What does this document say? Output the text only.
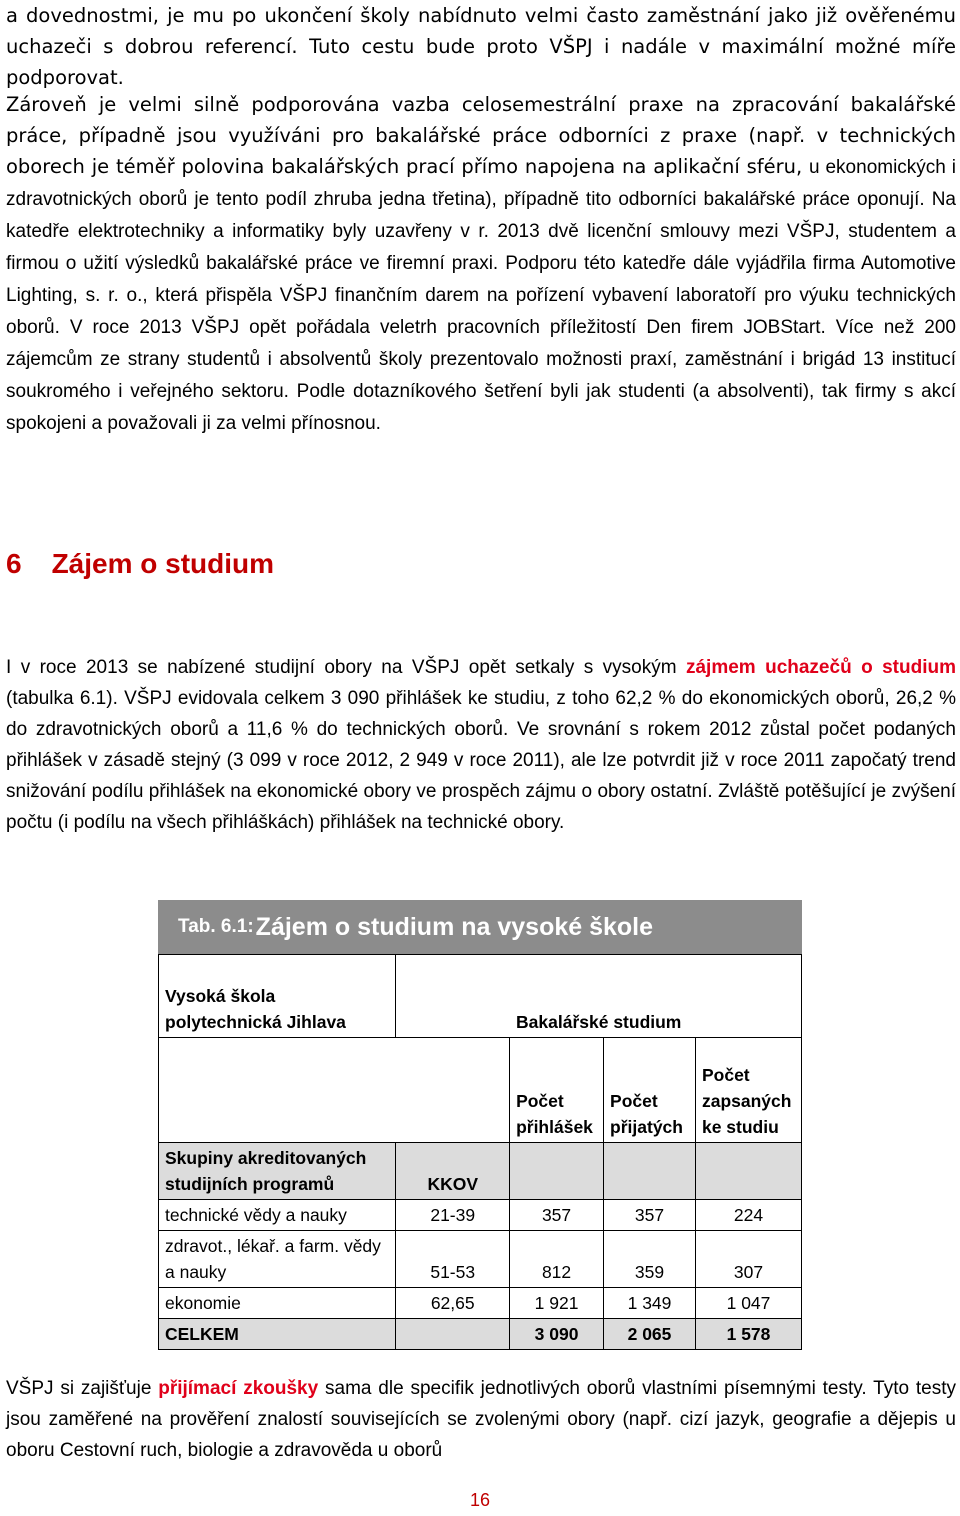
a dovednostmi, je mu po ukončení školy nabídnuto velmi často zaměstnání jako již ověřenému uchazeči s dobrou referencí. Tuto cestu bude proto VŠPJ i nadále v maximální možné míře podporovat.

Zároveň je velmi silně podporována vazba celosemestrální praxe na zpracování bakalářské práce, případně jsou využíváni pro bakalářské práce odborníci z praxe (např. v technických oborech je téměř polovina bakalářských prací přímo napojena na aplikační sféru, u ekonomických i zdravotnických oborů je tento podíl zhruba jedna třetina), případně tito odborníci bakalářské práce oponují. Na katedře elektrotechniky a informatiky byly uzavřeny v r. 2013 dvě licenční smlouvy mezi VŠPJ, studentem a firmou o užití výsledků bakalářské práce ve firemní praxi. Podporu této katedře dále vyjádřila firma Automotive Lighting, s. r. o., která přispěla VŠPJ finančním darem na pořízení vybavení laboratoří pro výuku technických oborů. V roce 2013 VŠPJ opět pořádala veletrh pracovních příležitostí Den firem JOBStart. Více než 200 zájemcům ze strany studentů i absolventů školy prezentovalo možnosti praxí, zaměstnání i brigád 13 institucí soukromého i veřejného sektoru. Podle dotazníkového šetření byli jak studenti (a absolventi), tak firmy s akcí spokojeni a považovali ji za velmi přínosnou.

6 Zájem o studium

I v roce 2013 se nabízené studijní obory na VŠPJ opět setkaly s vysokým zájmem uchazečů o studium (tabulka 6.1). VŠPJ evidovala celkem 3 090 přihlášek ke studiu, z toho 62,2 % do ekonomických oborů, 26,2 % do zdravotnických oborů a 11,6 % do technických oborů. Ve srovnání s rokem 2012 zůstal počet podaných přihlášek v zásadě stejný (3 099 v roce 2012, 2 949 v roce 2011), ale lze potvrdit již v roce 2011 započatý trend snižování podílu přihlášek na ekonomické obory ve prospěch zájmu o obory ostatní. Zvláště potěšující je zvýšení počtu (i podílu na všech přihláškách) přihlášek na technické obory.

Tab. 6.1: Zájem o studium na vysoké škole
Vysoká škola polytechnická Jihlava	Bakalářské studium			
		Počet přihlášek	Počet přijatých	Počet zapsaných ke studiu
Skupiny akreditovaných studijních programů	KKOV			
technické vědy a nauky	21-39	357	357	224
zdravot., lékař. a farm. vědy a nauky	51-53	812	359	307
ekonomie	62,65	1 921	1 349	1 047
CELKEM		3 090	2 065	1 578

VŠPJ si zajišťuje přijímací zkoušky sama dle specifik jednotlivých oborů vlastními písemnými testy. Tyto testy jsou zaměřené na prověření znalostí souvisejících se zvolenými obory (např. cizí jazyk, geografie a dějepis u oboru Cestovní ruch, biologie a zdravověda u oborů

16
